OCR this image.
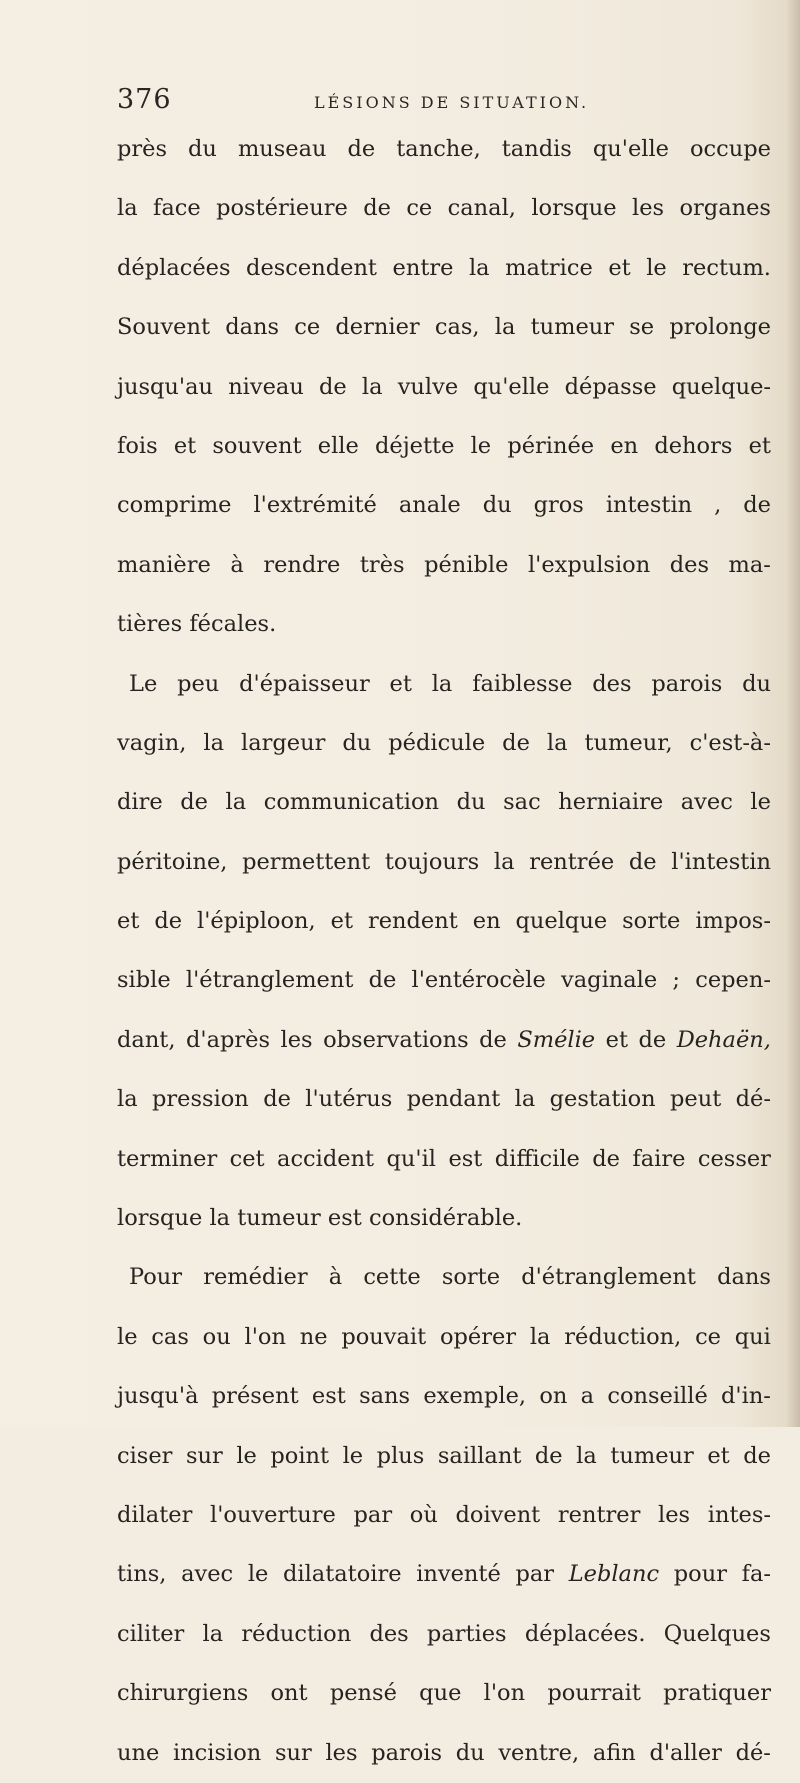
376	LÉSIONS DE SITUATION.
près du museau de tanche, tandis qu'elle occupe
la face postérieure de ce canal, lorsque les organes
déplacées descendent entre la matrice et le rectum.
Souvent dans ce dernier cas, la tumeur se prolonge
jusqu'au niveau de la vulve qu'elle dépasse quelque-
fois et souvent elle déjette le périnée en dehors et
comprime l'extrémité anale du gros intestin , de
manière à rendre très pénible l'expulsion des ma-
tières fécales.
Le peu d'épaisseur et la faiblesse des parois du
vagin, la largeur du pédicule de la tumeur, c'est-à-
dire de la communication du sac herniaire avec le
péritoine, permettent toujours la rentrée de l'intestin
et de l'épiploon, et rendent en quelque sorte impos-
sible l'étranglement de l'entérocèle vaginale ; cepen-
dant, d'après les observations de Smélie et de Dehaën,
la pression de l'utérus pendant la gestation peut dé-
terminer cet accident qu'il est difficile de faire cesser
lorsque la tumeur est considérable.
Pour remédier à cette sorte d'étranglement dans
le cas ou l'on ne pouvait opérer la réduction, ce qui
jusqu'à présent est sans exemple, on a conseillé d'in-
ciser sur le point le plus saillant de la tumeur et de
dilater l'ouverture par où doivent rentrer les intes-
tins, avec le dilatatoire inventé par Leblanc pour fa-
ciliter la réduction des parties déplacées. Quelques
chirurgiens ont pensé que l'on pourrait pratiquer
une incision sur les parois du ventre, afin d'aller dé-
